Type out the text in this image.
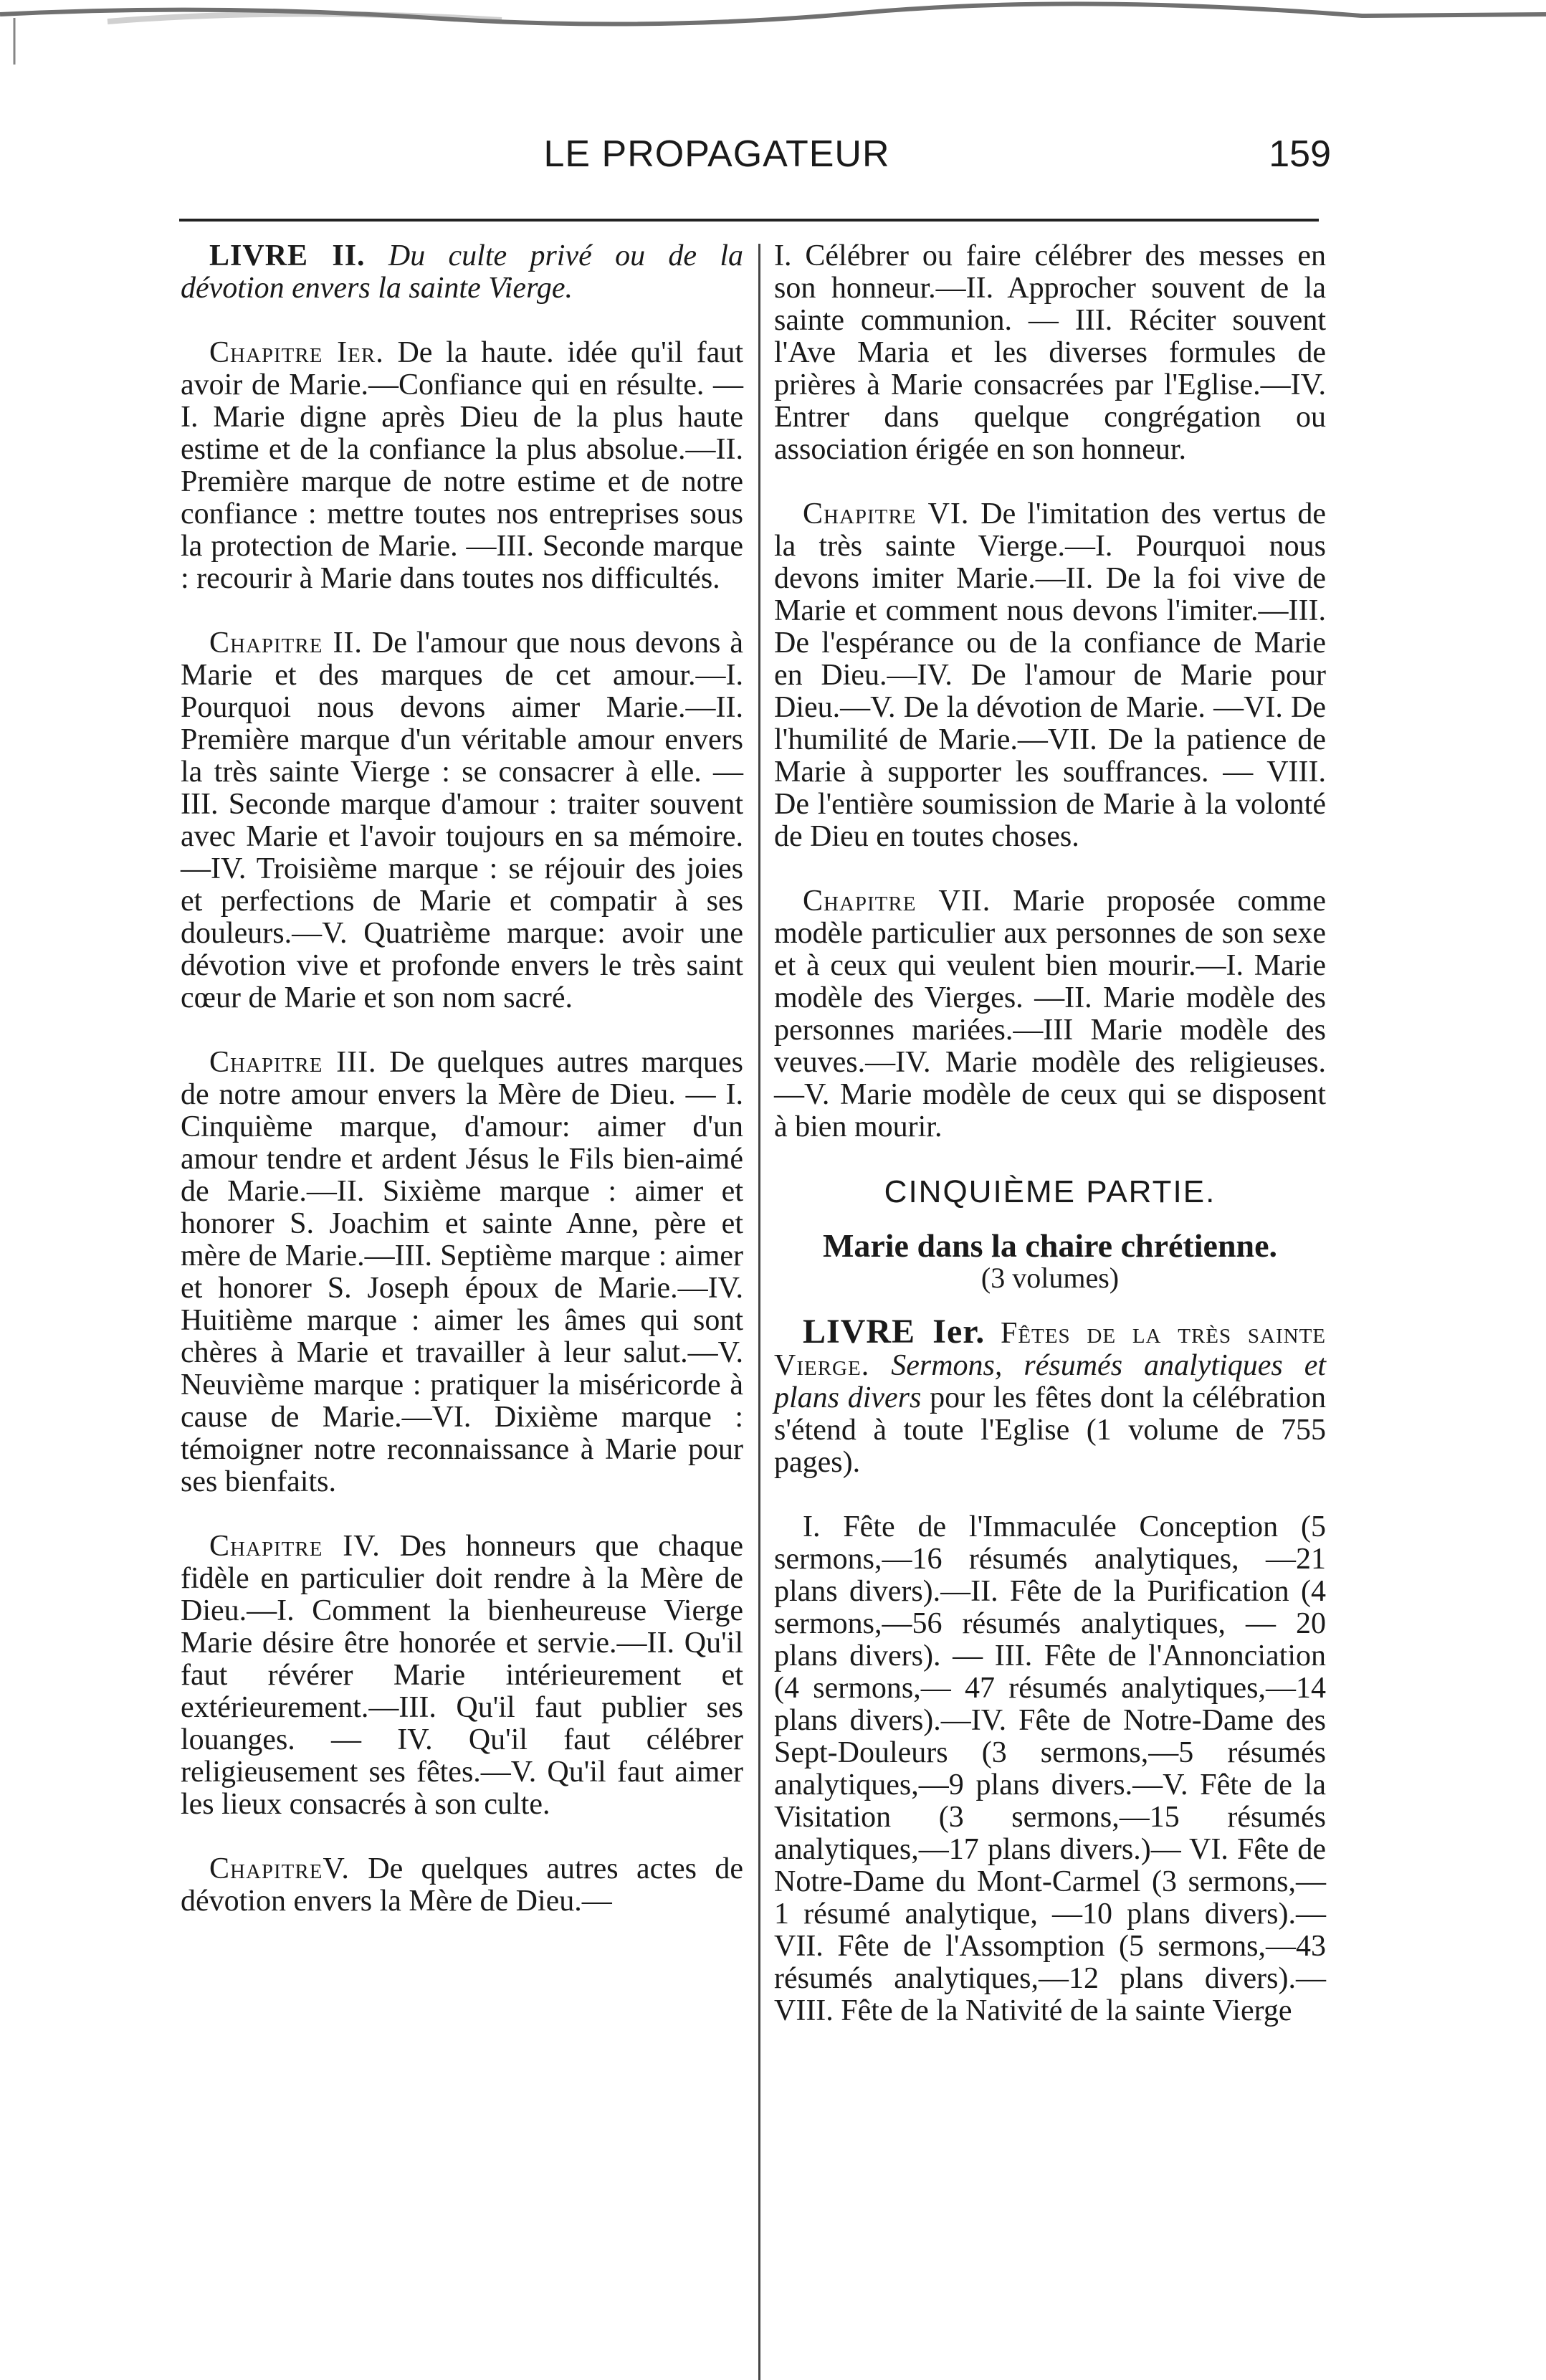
LE PROPAGATEUR	159

LIVRE II. Du culte privé ou de la dévotion envers la sainte Vierge.

Chapitre Ier. De la haute. idée qu'il faut avoir de Marie.—Confiance qui en résulte. — I. Marie digne après Dieu de la plus haute estime et de la confiance la plus absolue.—II. Première marque de notre estime et de notre confiance : mettre toutes nos entreprises sous la protection de Marie. —III. Seconde marque : recourir à Marie dans toutes nos difficultés.

Chapitre II. De l'amour que nous devons à Marie et des marques de cet amour.—I. Pourquoi nous devons aimer Marie.—II. Première marque d'un véritable amour envers la très sainte Vierge : se consacrer à elle. —III. Seconde marque d'amour : traiter souvent avec Marie et l'avoir toujours en sa mémoire.—IV. Troisième marque : se réjouir des joies et perfections de Marie et compatir à ses douleurs.—V. Quatrième marque: avoir une dévotion vive et profonde envers le très saint cœur de Marie et son nom sacré.

Chapitre III. De quelques autres marques de notre amour envers la Mère de Dieu. — I. Cinquième marque, d'amour: aimer d'un amour tendre et ardent Jésus le Fils bien-aimé de Marie.—II. Sixième marque : aimer et honorer S. Joachim et sainte Anne, père et mère de Marie.—III. Septième marque : aimer et honorer S. Joseph époux de Marie.—IV. Huitième marque : aimer les âmes qui sont chères à Marie et travailler à leur salut.—V. Neuvième marque : pratiquer la miséricorde à cause de Marie.—VI. Dixième marque : témoigner notre reconnaissance à Marie pour ses bienfaits.

Chapitre IV. Des honneurs que chaque fidèle en particulier doit rendre à la Mère de Dieu.—I. Comment la bienheureuse Vierge Marie désire être honorée et servie.—II. Qu'il faut révérer Marie intérieurement et extérieurement.—III. Qu'il faut publier ses louanges. — IV. Qu'il faut célébrer religieusement ses fêtes.—V. Qu'il faut aimer les lieux consacrés à son culte.

ChapitreV. De quelques autres actes de dévotion envers la Mère de Dieu.—

I. Célébrer ou faire célébrer des messes en son honneur.—II. Approcher souvent de la sainte communion. — III. Réciter souvent l'Ave Maria et les diverses formules de prières à Marie consacrées par l'Eglise.—IV. Entrer dans quelque congrégation ou association érigée en son honneur.

Chapitre VI. De l'imitation des vertus de la très sainte Vierge.—I. Pourquoi nous devons imiter Marie.—II. De la foi vive de Marie et comment nous devons l'imiter.—III. De l'espérance ou de la confiance de Marie en Dieu.—IV. De l'amour de Marie pour Dieu.—V. De la dévotion de Marie. —VI. De l'humilité de Marie.—VII. De la patience de Marie à supporter les souffrances. — VIII. De l'entière soumission de Marie à la volonté de Dieu en toutes choses.

Chapitre VII. Marie proposée comme modèle particulier aux personnes de son sexe et à ceux qui veulent bien mourir.—I. Marie modèle des Vierges. —II. Marie modèle des personnes mariées.—III Marie modèle des veuves.—IV. Marie modèle des religieuses.—V. Marie modèle de ceux qui se disposent à bien mourir.

CINQUIÈME PARTIE.
Marie dans la chaire chrétienne.
(3 volumes)

LIVRE Ier. Fêtes de la très sainte Vierge. Sermons, résumés analytiques et plans divers pour les fêtes dont la célébration s'étend à toute l'Eglise (1 volume de 755 pages).

I. Fête de l'Immaculée Conception (5 sermons,—16 résumés analytiques, —21 plans divers).—II. Fête de la Purification (4 sermons,—56 résumés analytiques, — 20 plans divers). — III. Fête de l'Annonciation (4 sermons,— 47 résumés analytiques,—14 plans divers).—IV. Fête de Notre-Dame des Sept-Douleurs (3 sermons,—5 résumés analytiques,—9 plans divers.—V. Fête de la Visitation (3 sermons,—15 résumés analytiques,—17 plans divers.)— VI. Fête de Notre-Dame du Mont-Carmel (3 sermons,—1 résumé analytique, —10 plans divers).—VII. Fête de l'Assomption (5 sermons,—43 résumés analytiques,—12 plans divers).—VIII. Fête de la Nativité de la sainte Vierge
